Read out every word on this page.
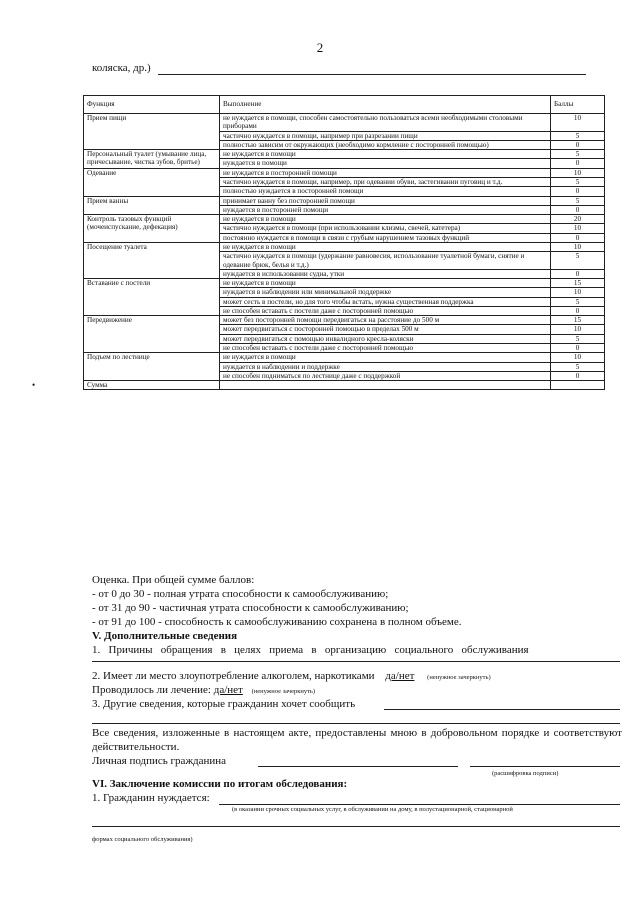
2
коляска, др.)
•
Функция	Выполнение	Баллы
Прием пищи	не нуждается в помощи, способен самостоятельно пользоваться всеми необходимыми столовыми приборами	10
	частично нуждается в помощи, например при разрезании пищи	5
	полностью зависим от окружающих (необходимо кормление с посторонней помощью)	0
Персональный туалет (умывание лица, причесывание, чистка зубов, бритье)	не нуждается в помощи	5
	нуждается в помощи	0
Одевание	не нуждается в посторонней помощи	10
	частично нуждается в помощи, например, при одевании обуви, застегивании пуговиц и т.д.	5
	полностью нуждается в посторонней помощи	0
Прием ванны	принимает ванну без посторонней помощи	5
	нуждается в посторонней помощи	0
Контроль тазовых функций (мочеиспускание, дефекация)	не нуждается в помощи	20
	частично нуждается в помощи (при использовании клизмы, свечей, катетера)	10
	постоянно нуждается в помощи в связи с грубым нарушением тазовых функций	0
Посещение туалета	не нуждается в помощи	10
	частично нуждается в помощи (удержание равновесия, использование туалетной бумаги, снятие и одевание брюк, белья и т.д.)	5
	нуждается в использовании судна, утки	0
Вставание с постели	не нуждается в помощи	15
	нуждается в наблюдении или минимальной поддержке	10
	может сесть в постели, но для того чтобы встать, нужна существенная поддержка	5
	не способен вставать с постели даже с посторонней помощью	0
Передвижение	может без посторонней помощи передвигаться на расстояние до 500 м	15
	может передвигаться с посторонней помощью в пределах 500 м	10
	может передвигаться с помощью инвалидного кресла-коляски	5
	не способен вставать с постели даже с посторонней помощью	0
Подъем по лестнице	не нуждается в помощи	10
	нуждается в наблюдении и поддержке	5
	не способен подниматься по лестнице даже с поддержкой	0
Сумма		
Оценка. При общей сумме баллов:
- от 0 до 30 - полная утрата способности к самообслуживанию;
- от 31 до 90 - частичная утрата способности к самообслуживанию;
- от 91 до 100 - способность к самообслуживанию сохранена в полном объеме.
V. Дополнительные сведения
1.   Причины   обращения   в   целях   приема   в   организацию   социального   обслуживания
2. Имеет ли место злоупотребление алкоголем, наркотиками да/нет (ненужное зачеркнуть)
Проводилось ли лечение: да/нет (ненужное зачеркнуть)
3. Другие сведения, которые гражданин хочет сообщить
Все сведения, изложенные в настоящем акте, предоставлены мною в добровольном порядке и соответствуют действительности.
Личная подпись гражданина
(расшифровка подписи)
VI. Заключение комиссии по итогам обследования:
1. Гражданин нуждается:
(в оказании срочных социальных услуг, в обслуживании на дому, в полустационарной, стационарной
формах социального обслуживания)
